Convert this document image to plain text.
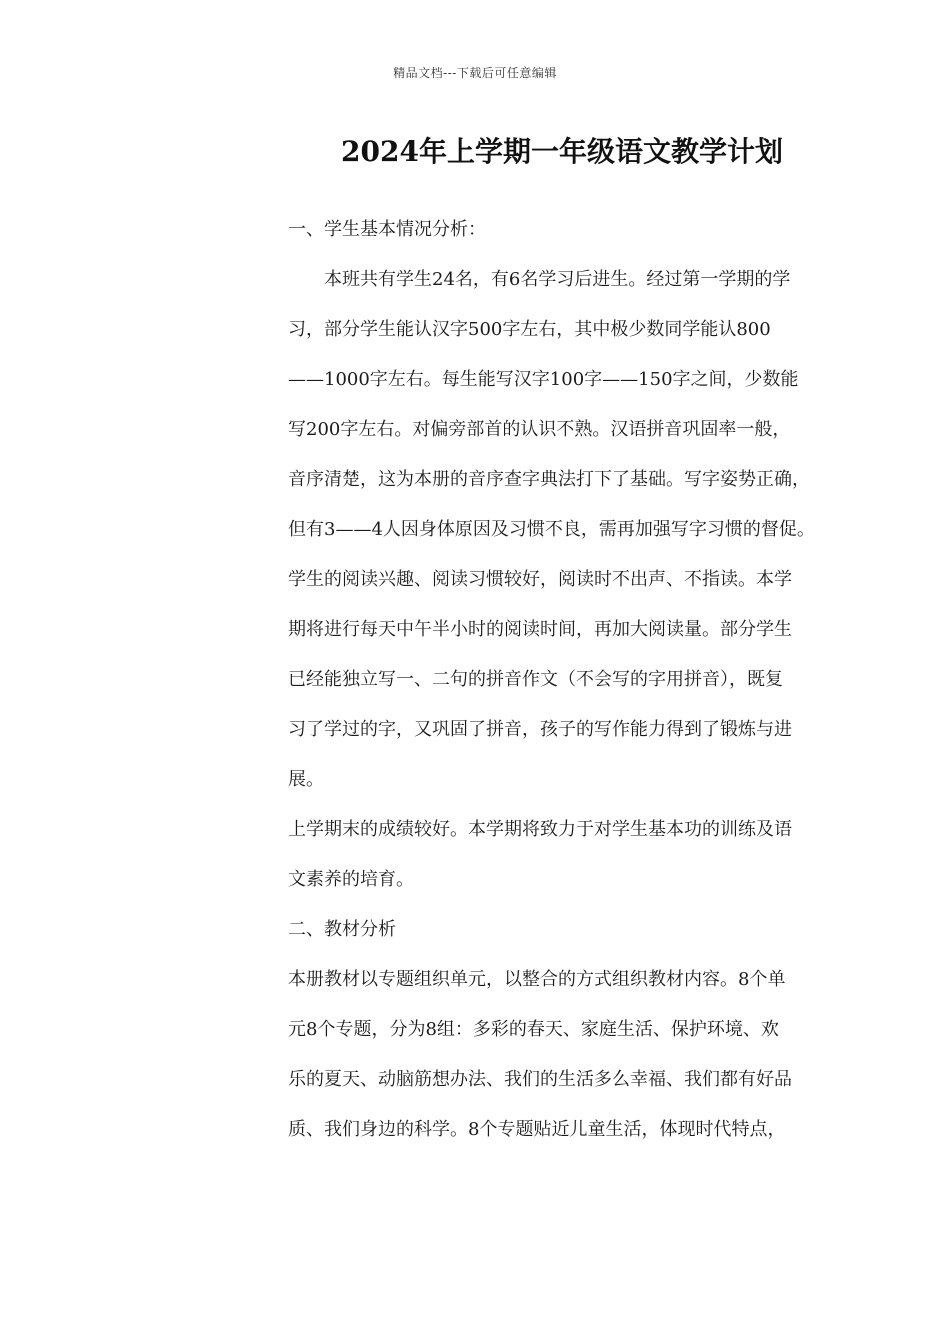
精品文档---下载后可任意编辑
2024年上学期一年级语文教学计划
一、学生基本情况分析：
本班共有学生24名，有6名学习后进生。经过第一学期的学
习，部分学生能认汉字500字左右，其中极少数同学能认800
——1000字左右。每生能写汉字100字——150字之间，少数能
写200字左右。对偏旁部首的认识不熟。汉语拼音巩固率一般，
音序清楚，这为本册的音序查字典法打下了基础。写字姿势正确，
但有3——4人因身体原因及习惯不良，需再加强写字习惯的督促。
学生的阅读兴趣、阅读习惯较好，阅读时不出声、不指读。本学
期将进行每天中午半小时的阅读时间，再加大阅读量。部分学生
已经能独立写一、二句的拼音作文（不会写的字用拼音），既复
习了学过的字，又巩固了拼音，孩子的写作能力得到了锻炼与进
展。
上学期末的成绩较好。本学期将致力于对学生基本功的训练及语
文素养的培育。
二、教材分析
本册教材以专题组织单元，以整合的方式组织教材内容。8个单
元8个专题，分为8组：多彩的春天、家庭生活、保护环境、欢
乐的夏天、动脑筋想办法、我们的生活多么幸福、我们都有好品
质、我们身边的科学。8个专题贴近儿童生活，体现时代特点，
